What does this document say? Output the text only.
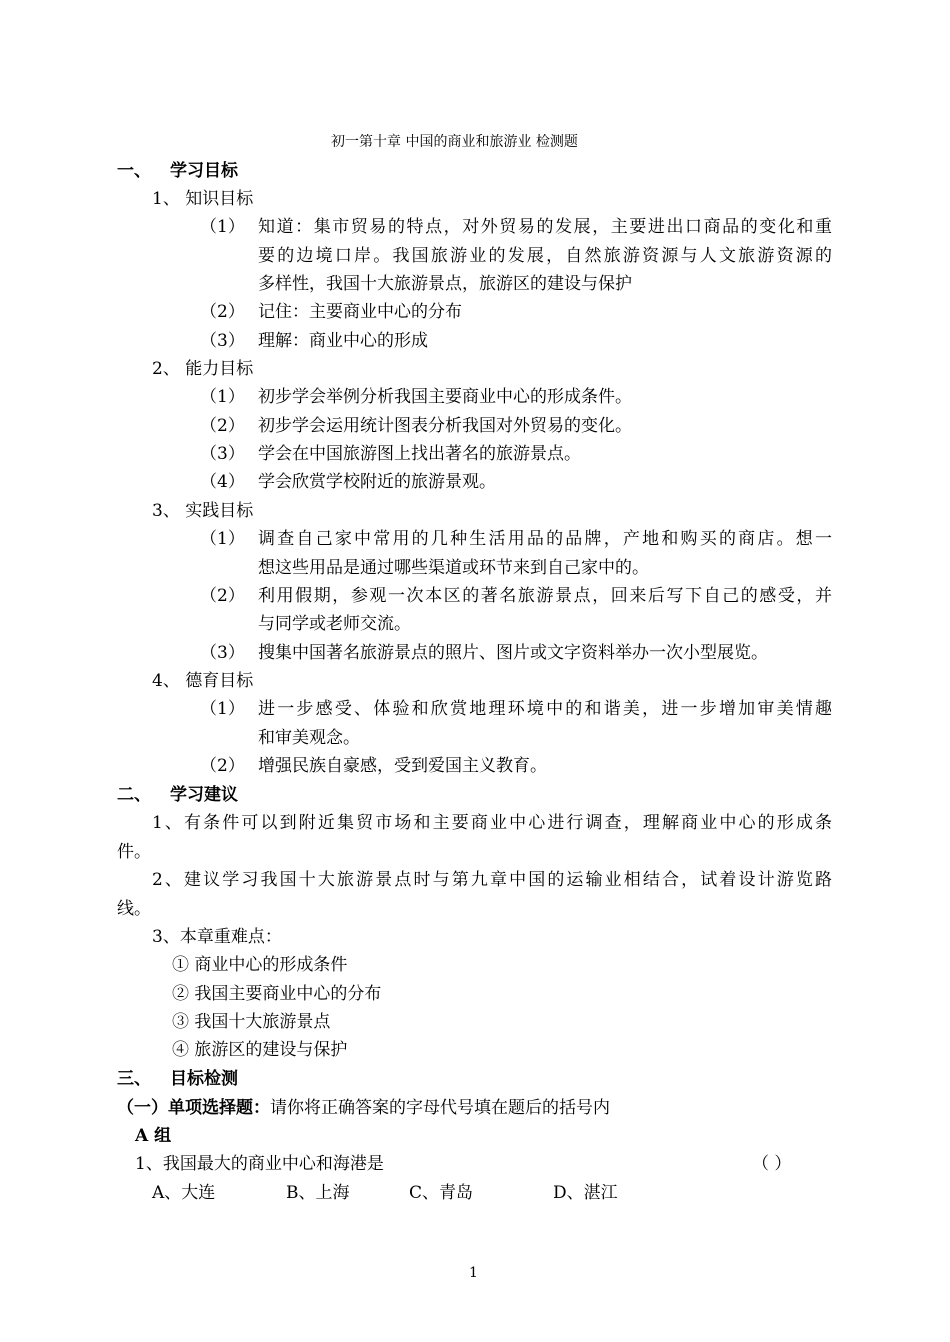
初一第十章 中国的商业和旅游业 检测题
一、 学习目标
1、 知识目标
（1） 知道：集市贸易的特点，对外贸易的发展，主要进出口商品的变化和重
要的边境口岸。我国旅游业的发展，自然旅游资源与人文旅游资源的
多样性，我国十大旅游景点，旅游区的建设与保护
（2） 记住：主要商业中心的分布
（3） 理解：商业中心的形成
2、 能力目标
（1） 初步学会举例分析我国主要商业中心的形成条件。
（2） 初步学会运用统计图表分析我国对外贸易的变化。
（3） 学会在中国旅游图上找出著名的旅游景点。
（4） 学会欣赏学校附近的旅游景观。
3、 实践目标
（1） 调查自己家中常用的几种生活用品的品牌，产地和购买的商店。想一
想这些用品是通过哪些渠道或环节来到自己家中的。
（2） 利用假期，参观一次本区的著名旅游景点，回来后写下自己的感受，并
与同学或老师交流。
（3） 搜集中国著名旅游景点的照片、图片或文字资料举办一次小型展览。
4、 德育目标
（1） 进一步感受、体验和欣赏地理环境中的和谐美，进一步增加审美情趣
和审美观念。
（2） 增强民族自豪感，受到爱国主义教育。
二、 学习建议
1、有条件可以到附近集贸市场和主要商业中心进行调查，理解商业中心的形成条
件。
2、建议学习我国十大旅游景点时与第九章中国的运输业相结合，试着设计游览路
线。
3、本章重难点：
① 商业中心的形成条件
② 我国主要商业中心的分布
③ 我国十大旅游景点
④ 旅游区的建设与保护
三、 目标检测
（一）单项选择题：请你将正确答案的字母代号填在题后的括号内
A 组
1、我国最大的商业中心和海港是	（ ）
A、大连	B、上海	C、青岛	D、湛江
1
